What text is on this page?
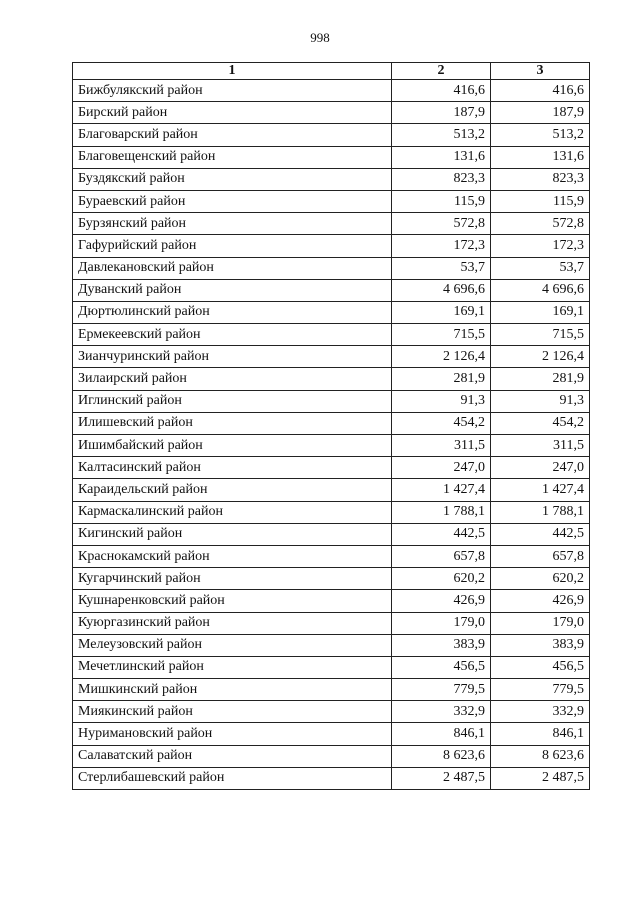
998
1	2	3
Бижбулякский район	416,6	416,6
Бирский район	187,9	187,9
Благоварский район	513,2	513,2
Благовещенский район	131,6	131,6
Буздякский район	823,3	823,3
Бураевский район	115,9	115,9
Бурзянский район	572,8	572,8
Гафурийский район	172,3	172,3
Давлекановский район	53,7	53,7
Дуванский район	4 696,6	4 696,6
Дюртюлинский район	169,1	169,1
Ермекеевский район	715,5	715,5
Зианчуринский район	2 126,4	2 126,4
Зилаирский район	281,9	281,9
Иглинский район	91,3	91,3
Илишевский район	454,2	454,2
Ишимбайский район	311,5	311,5
Калтасинский район	247,0	247,0
Караидельский район	1 427,4	1 427,4
Кармаскалинский район	1 788,1	1 788,1
Кигинский район	442,5	442,5
Краснокамский район	657,8	657,8
Кугарчинский район	620,2	620,2
Кушнаренковский район	426,9	426,9
Куюргазинский район	179,0	179,0
Мелеузовский район	383,9	383,9
Мечетлинский район	456,5	456,5
Мишкинский район	779,5	779,5
Миякинский район	332,9	332,9
Нуримановский район	846,1	846,1
Салаватский район	8 623,6	8 623,6
Стерлибашевский район	2 487,5	2 487,5
